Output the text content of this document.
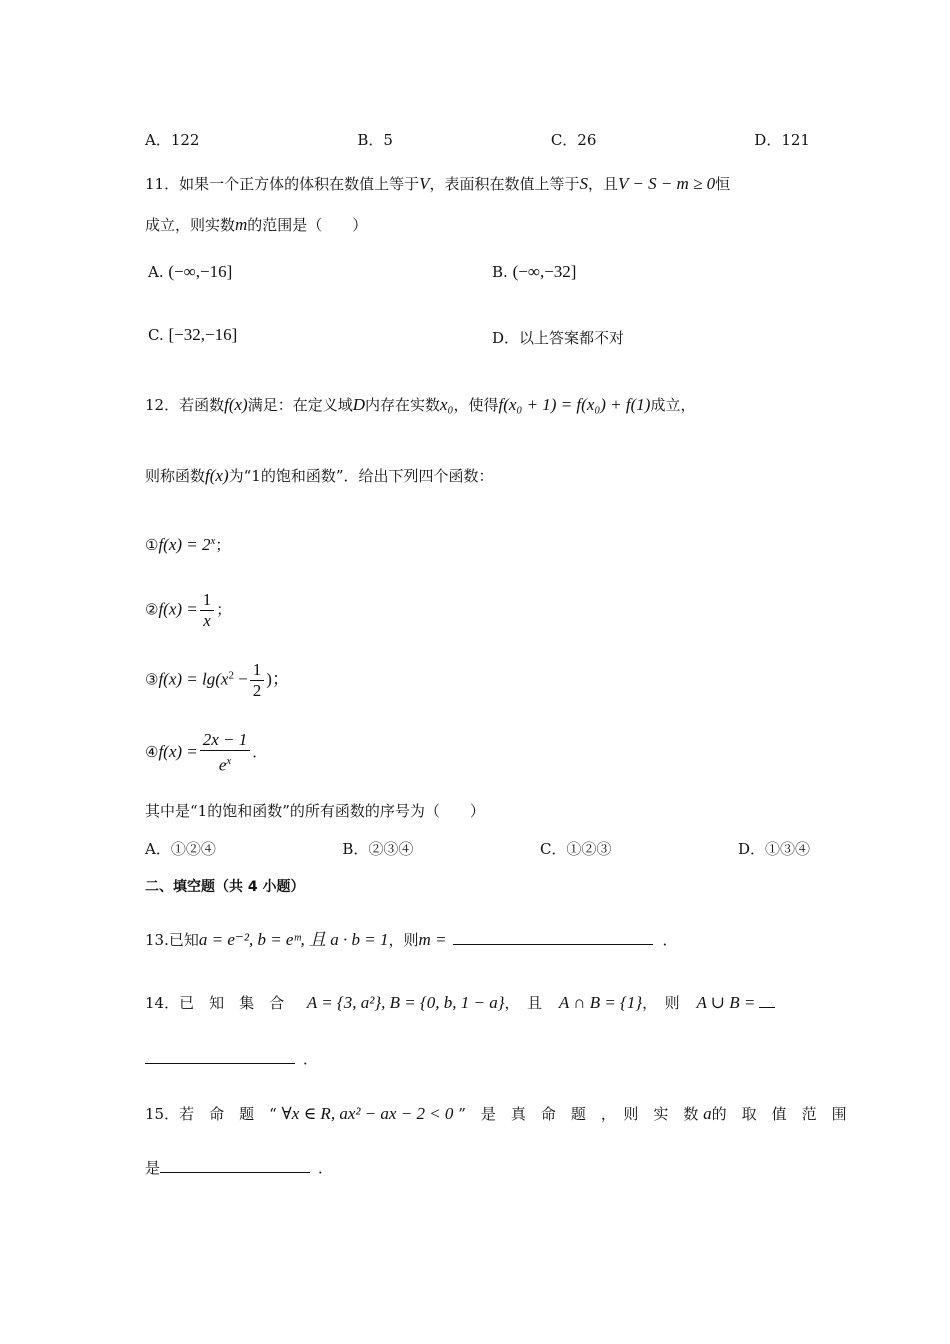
A．122	B．5	C．26	D．121
11．如果一个正方体的体积在数值上等于V，表面积在数值上等于S，且V − S − m ≥ 0恒
成立，则实数m的范围是（　　）
A. (−∞,−16]	B. (−∞,−32]
C. [−32,−16]	D．以上答案都不对
12．若函数f(x)满足：在定义域D内存在实数x₀，使得f(x₀ + 1) = f(x₀) + f(1)成立，
则称函数f(x)为“1的饱和函数”．给出下列四个函数：
①f(x) = $2^x$；
②f(x) = $\frac{1}{x}$ ；
③f(x) = $\lg(x^2 - \frac{1}{2}$ )；
④f(x) = $\frac{2x - 1}{e^x}$ ．
其中是“1的饱和函数”的所有函数的序号为（　　）
A．①②④	B．②③④	C．①②③	D．①③④
二、填空题（共 4 小题）
13.已知a = e⁻², b = eᵐ, 且 a · b = 1，则m =	．
14．已　知　集　合 A = {3, a²}, B = {0, b, 1 − a}，　且 A ∩ B = {1}，　则 A ∪ B =
．
15．若　命　题　“ ∀x ∈ R, ax² − ax − 2 < 0 ”　是　真　命　题　，　则　实　数 a的　取　值　范　围
是	．
